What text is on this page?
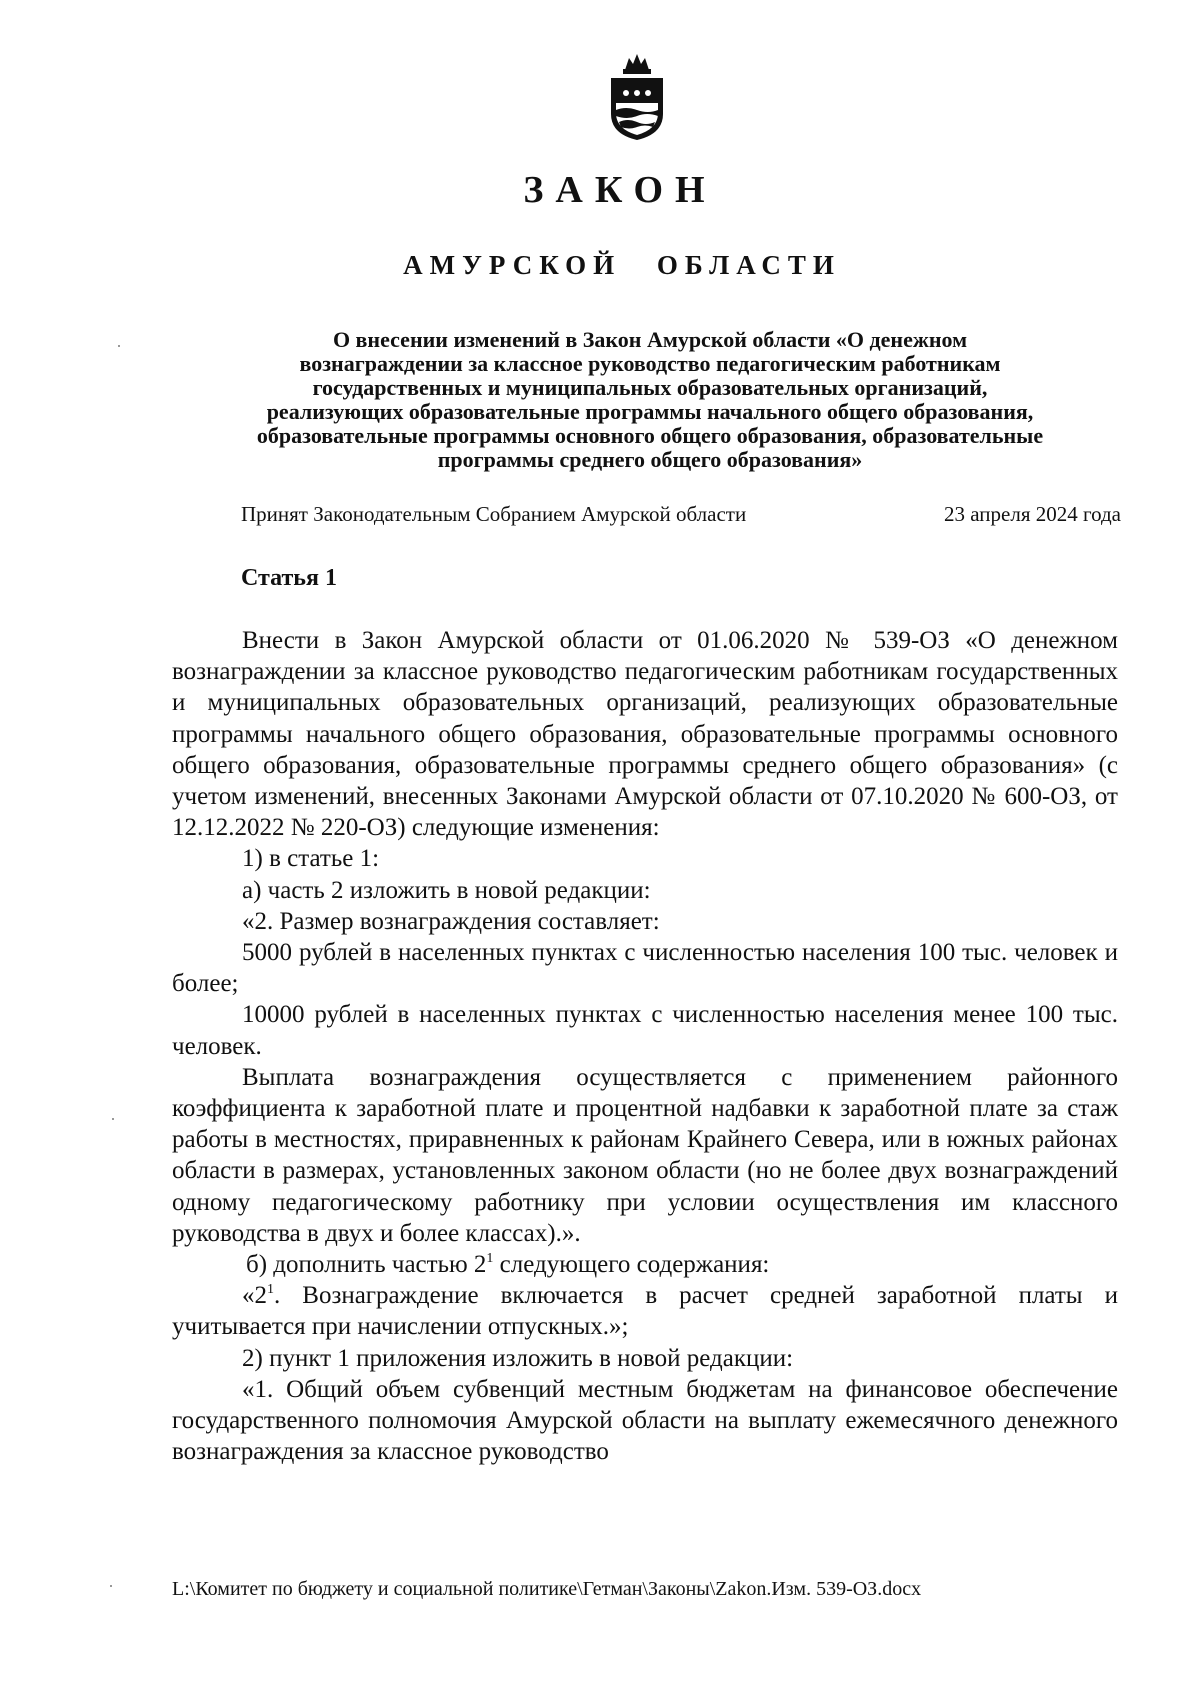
ЗАКОН
АМУРСКОЙ ОБЛАСТИ
О внесении изменений в Закон Амурской области «О денежном
вознаграждении за классное руководство педагогическим работникам
государственных и муниципальных образовательных организаций,
реализующих образовательные программы начального общего образования,
образовательные программы основного общего образования, образовательные
программы среднего общего образования»
Принят Законодательным Собранием Амурской области	23 апреля 2024 года
Статья 1

Внести в Закон Амурской области от 01.06.2020 № 539-ОЗ «О денежном вознаграждении за классное руководство педагогическим работникам государственных и муниципальных образовательных организаций, реализующих образовательные программы начального общего образования, образовательные программы основного общего образования, образовательные программы среднего общего образования» (с учетом изменений, внесенных Законами Амурской области от 07.10.2020 № 600-ОЗ, от 12.12.2022 № 220-ОЗ) следующие изменения:

1) в статье 1:

а) часть 2 изложить в новой редакции:

«2. Размер вознаграждения составляет:

5000 рублей в населенных пунктах с численностью населения 100 тыс. человек и более;

10000 рублей в населенных пунктах с численностью населения менее 100 тыс. человек.

Выплата вознаграждения осуществляется с применением районного коэффициента к заработной плате и процентной надбавки к заработной плате за стаж работы в местностях, приравненных к районам Крайнего Севера, или в южных районах области в размерах, установленных законом области (но не более двух вознаграждений одному педагогическому работнику при условии осуществления им классного руководства в двух и более классах).».

б) дополнить частью $2^1$ следующего содержания:

«$2^1$. Вознаграждение включается в расчет средней заработной платы и учитывается при начислении отпускных.»;

2) пункт 1 приложения изложить в новой редакции:

«1. Общий объем субвенций местным бюджетам на финансовое обеспечение государственного полномочия Амурской области на выплату ежемесячного денежного вознаграждения за классное руководство

L:\Комитет по бюджету и социальной политике\Гетман\Законы\Zakon.Изм. 539-ОЗ.docx
